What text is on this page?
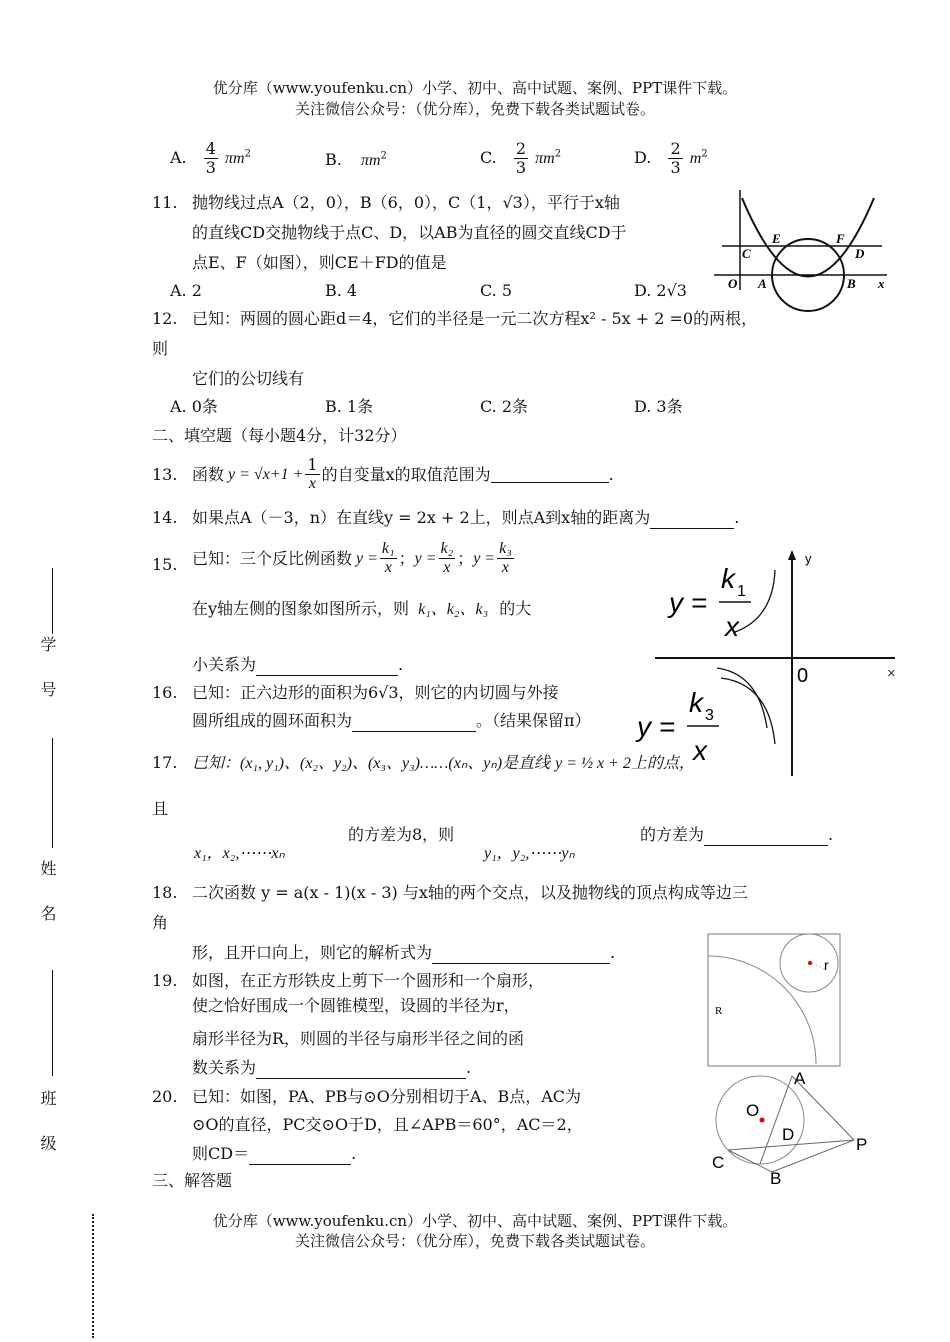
优分库（www.youfenku.cn）小学、初中、高中试题、案例、PPT课件下载。
关注微信公众号：（优分库），免费下载各类试题试卷。
A. $\frac{4}{3} \pi m^2$	B. $\pi m^2$	C. $\frac{2}{3} \pi m^2$	D. $\frac{2}{3} m^2$
11. 抛物线过点A（2，0），B（6，0），C（1，√3），平行于x轴
的直线CD交抛物线于点C、D，以AB为直径的圆交直线CD于
点E、F（如图），则CE＋FD的值是
A. 2	B. 4	C. 5	D. 2√3
C
E	F
D
O A	B x
12. 已知：两圆的圆心距d＝4，它们的半径是一元二次方程x² - 5x + 2 =0的两根，
则
它们的公切线有
A. 0条	B. 1条	C. 2条	D. 3条
二、填空题（每小题4分，计32分）
13. 函数 $y = √x+1 + \frac{1}{x}$ 的自变量x的取值范围为	.
14. 如果点A（－3，n）在直线y = 2x + 2上，则点A到x轴的距离为	.
15. 已知：三个反比例函数 $y = \frac{\text{k₁}}{x}$ ； $y = \frac{\text{k₂}}{x}$ ； $y = \frac{\text{k₃}}{x}$
在y轴左侧的图象如图所示，则 k₁、k₂、k₃ 的大
小关系为	.
y
×
0
y =
k 1
x
y =
k 3
x
16. 已知：正六边形的面积为6√3，则它的内切圆与外接
圆所组成的圆环面积为	。（结果保留π）
17. 已知：(x₁, y₁)、(x₂、y₂)、(x₃、y₃)……(xₙ、yₙ)是直线 y = ½ x + 2上的点，
且
x₁，x₂,⋯⋯xₙ
的方差为8，则
y₁，y₂,⋯⋯yₙ
的方差为	.
18. 二次函数 y = a(x - 1)(x - 3) 与x轴的两个交点，以及抛物线的顶点构成等边三
角
形，且开口向上，则它的解析式为	.
r
R
19. 如图，在正方形铁皮上剪下一个圆形和一个扇形，
使之恰好围成一个圆锥模型，设圆的半径为r，
扇形半径为R，则圆的半径与扇形半径之间的函
数关系为	.
20. 已知：如图，PA、PB与⊙O分别相切于A、B点，AC为
⊙O的直径，PC交⊙O于D，且∠APB＝60°，AC＝2，
则CD＝	.
A
O
D
P
C
B
三、解答题
优分库（www.youfenku.cn）小学、初中、高中试题、案例、PPT课件下载。
关注微信公众号：（优分库），免费下载各类试题试卷。
学 号
姓 名
班 级
